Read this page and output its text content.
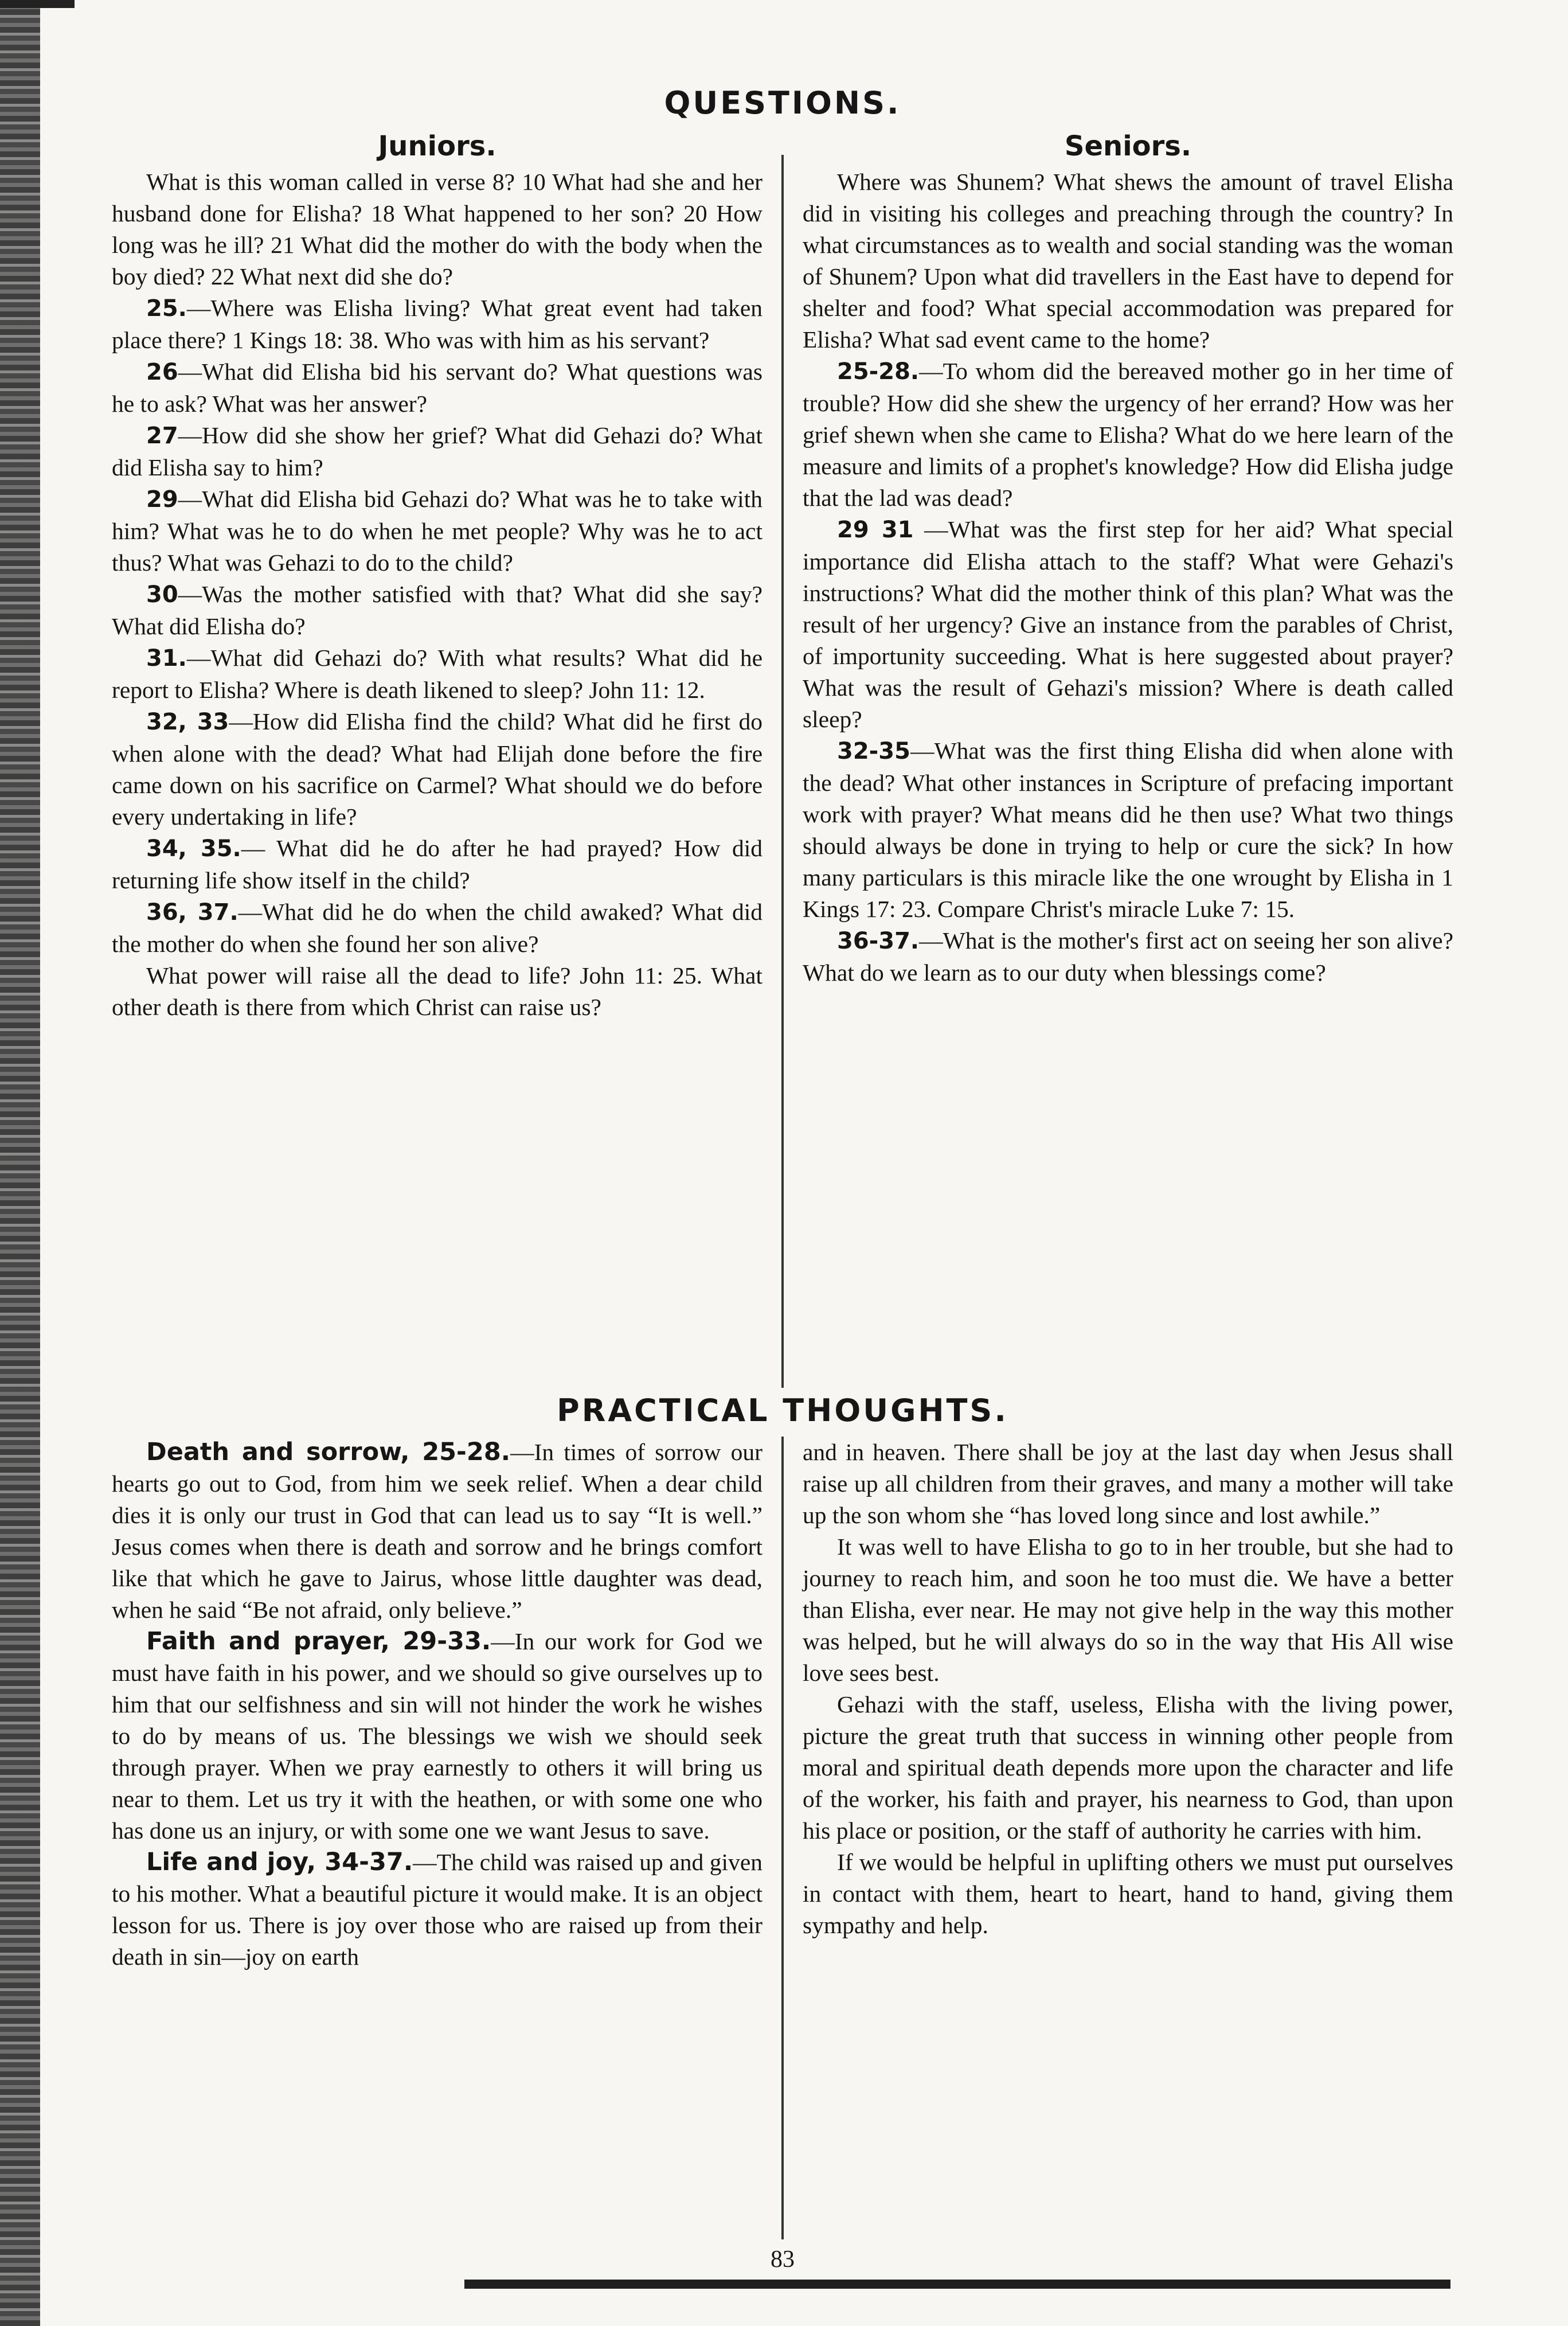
QUESTIONS.
Juniors.

What is this woman called in verse 8? 10 What had she and her husband done for Elisha? 18 What happened to her son? 20 How long was he ill? 21 What did the mother do with the body when the boy died? 22 What next did she do?

25.—Where was Elisha living? What great event had taken place there? 1 Kings 18: 38. Who was with him as his servant?

26—What did Elisha bid his servant do? What questions was he to ask? What was her answer?

27—How did she show her grief? What did Gehazi do? What did Elisha say to him?

29—What did Elisha bid Gehazi do? What was he to take with him? What was he to do when he met people? Why was he to act thus? What was Gehazi to do to the child?

30—Was the mother satisfied with that? What did she say? What did Elisha do?

31.—What did Gehazi do? With what results? What did he report to Elisha? Where is death likened to sleep? John 11: 12.

32, 33—How did Elisha find the child? What did he first do when alone with the dead? What had Elijah done before the fire came down on his sacrifice on Carmel? What should we do before every undertaking in life?

34, 35.— What did he do after he had prayed? How did returning life show itself in the child?

36, 37.—What did he do when the child awaked? What did the mother do when she found her son alive?

What power will raise all the dead to life? John 11: 25. What other death is there from which Christ can raise us?

Seniors.

Where was Shunem? What shews the amount of travel Elisha did in visiting his colleges and preaching through the country? In what circumstances as to wealth and social standing was the woman of Shunem? Upon what did travellers in the East have to depend for shelter and food? What special accommodation was prepared for Elisha? What sad event came to the home?

25-28.—To whom did the bereaved mother go in her time of trouble? How did she shew the urgency of her errand? How was her grief shewn when she came to Elisha? What do we here learn of the measure and limits of a prophet's knowledge? How did Elisha judge that the lad was dead?

29 31 —What was the first step for her aid? What special importance did Elisha attach to the staff? What were Gehazi's instructions? What did the mother think of this plan? What was the result of her urgency? Give an instance from the parables of Christ, of importunity succeeding. What is here suggested about prayer? What was the result of Gehazi's mission? Where is death called sleep?

32-35—What was the first thing Elisha did when alone with the dead? What other instances in Scripture of prefacing important work with prayer? What means did he then use? What two things should always be done in trying to help or cure the sick? In how many particulars is this miracle like the one wrought by Elisha in 1 Kings 17: 23. Compare Christ's miracle Luke 7: 15.

36-37.—What is the mother's first act on seeing her son alive? What do we learn as to our duty when blessings come?

PRACTICAL THOUGHTS.

Death and sorrow, 25-28.—In times of sorrow our hearts go out to God, from him we seek relief. When a dear child dies it is only our trust in God that can lead us to say “It is well.” Jesus comes when there is death and sorrow and he brings comfort like that which he gave to Jairus, whose little daughter was dead, when he said “Be not afraid, only believe.”

Faith and prayer, 29-33.—In our work for God we must have faith in his power, and we should so give ourselves up to him that our selfishness and sin will not hinder the work he wishes to do by means of us. The blessings we wish we should seek through prayer. When we pray earnestly to others it will bring us near to them. Let us try it with the heathen, or with some one who has done us an injury, or with some one we want Jesus to save.

Life and joy, 34-37.—The child was raised up and given to his mother. What a beautiful picture it would make. It is an object lesson for us. There is joy over those who are raised up from their death in sin—joy on earth

and in heaven. There shall be joy at the last day when Jesus shall raise up all children from their graves, and many a mother will take up the son whom she “has loved long since and lost awhile.”

It was well to have Elisha to go to in her trouble, but she had to journey to reach him, and soon he too must die. We have a better than Elisha, ever near. He may not give help in the way this mother was helped, but he will always do so in the way that His All wise love sees best.

Gehazi with the staff, useless, Elisha with the living power, picture the great truth that success in winning other people from moral and spiritual death depends more upon the character and life of the worker, his faith and prayer, his nearness to God, than upon his place or position, or the staff of authority he carries with him.

If we would be helpful in uplifting others we must put ourselves in contact with them, heart to heart, hand to hand, giving them sympathy and help.

83
